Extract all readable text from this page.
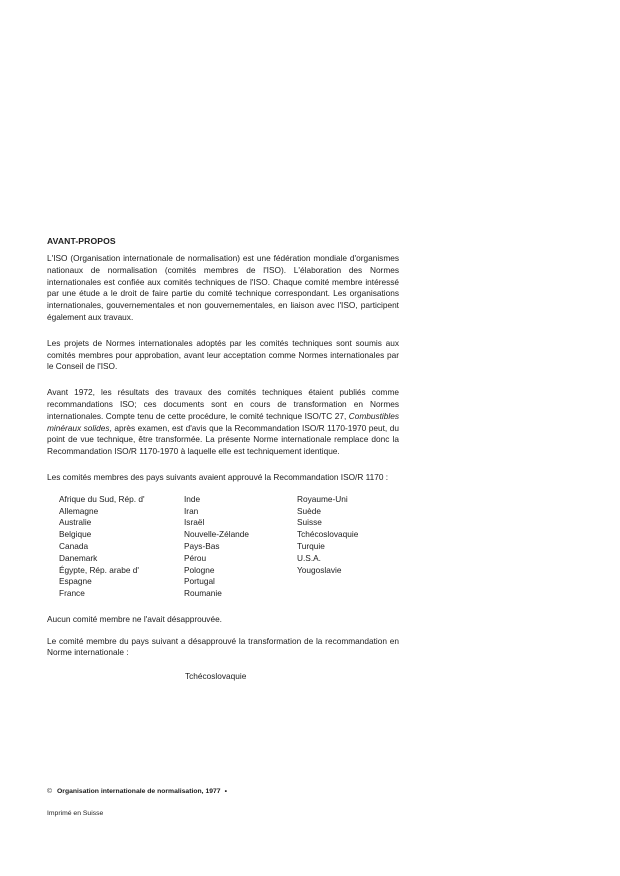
AVANT-PROPOS

L'ISO (Organisation internationale de normalisation) est une fédération mondiale d'organismes nationaux de normalisation (comités membres de l'ISO). L'élaboration des Normes internationales est confiée aux comités techniques de l'ISO. Chaque comité membre intéressé par une étude a le droit de faire partie du comité technique correspondant. Les organisations internationales, gouvernementales et non gouvernementales, en liaison avec l'ISO, participent également aux travaux.

Les projets de Normes internationales adoptés par les comités techniques sont soumis aux comités membres pour approbation, avant leur acceptation comme Normes internationales par le Conseil de l'ISO.

Avant 1972, les résultats des travaux des comités techniques étaient publiés comme recommandations ISO; ces documents sont en cours de transformation en Normes internationales. Compte tenu de cette procédure, le comité technique ISO/TC 27, Combustibles minéraux solides, après examen, est d'avis que la Recommandation ISO/R 1170-1970 peut, du point de vue technique, être transformée. La présente Norme internationale remplace donc la Recommandation ISO/R 1170-1970 à laquelle elle est techniquement identique.

Les comités membres des pays suivants avaient approuvé la Recommandation ISO/R 1170 :

Afrique du Sud, Rép. d'
Allemagne
Australie
Belgique
Canada
Danemark
Égypte, Rép. arabe d'
Espagne
France
Inde
Iran
Israël
Nouvelle-Zélande
Pays-Bas
Pérou
Pologne
Portugal
Roumanie
Royaume-Uni
Suède
Suisse
Tchécoslovaquie
Turquie
U.S.A.
Yougoslavie

Aucun comité membre ne l'avait désapprouvée.

Le comité membre du pays suivant a désapprouvé la transformation de la recommandation en Norme internationale :

Tchécoslovaquie
© Organisation internationale de normalisation, 1977 •
Imprimé en Suisse
